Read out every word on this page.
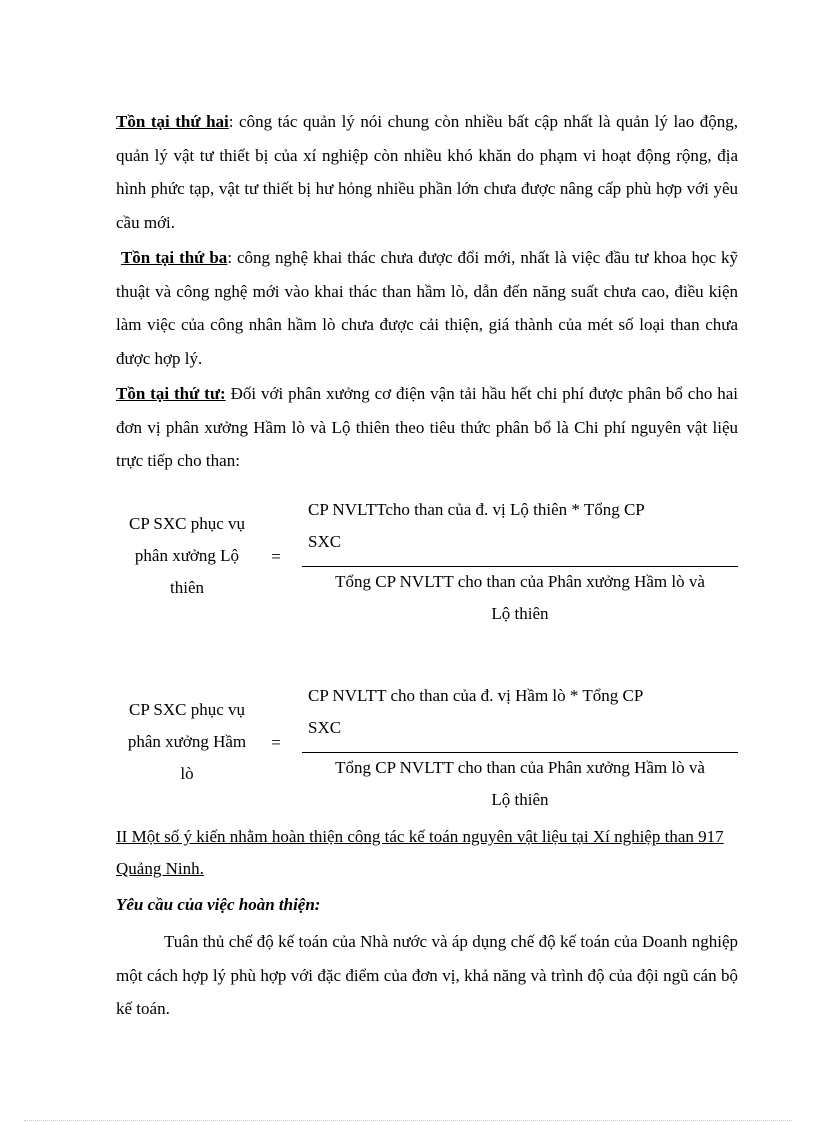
Tồn tại thứ hai: công tác quản lý nói chung còn nhiều bất cập nhất là quản lý lao động, quản lý vật tư thiết bị của xí nghiệp còn nhiều khó khăn do phạm vi hoạt động rộng, địa hình phức tạp, vật tư thiết bị hư hỏng nhiều phần lớn chưa được nâng cấp phù hợp với yêu cầu mới.

Tồn tại thứ ba: công nghệ khai thác chưa được đổi mới, nhất là việc đầu tư khoa học kỹ thuật và công nghệ mới vào khai thác than hầm lò, dẫn đến năng suất chưa cao, điều kiện làm việc của công nhân hầm lò chưa được cải thiện, giá thành của mét số loại than chưa được hợp lý.

Tồn tại thứ tư: Đối với phân xưởng cơ điện vận tải hầu hết chi phí được phân bổ cho hai đơn vị phân xưởng Hầm lò và Lộ thiên theo tiêu thức phân bổ là Chi phí nguyên vật liệu trực tiếp cho than:

CP SXC phục vụ
phân xưởng Lộ
thiên
=
CP NVLTTcho than của đ. vị Lộ thiên * Tổng CP
SXC
Tổng CP NVLTT cho than của Phân xưởng Hầm lò và
Lộ thiên
CP SXC phục vụ
phân xưởng Hầm
lò
=
CP NVLTT cho than của đ. vị Hầm lò * Tổng CP
SXC
Tổng CP NVLTT cho than của Phân xưởng Hầm lò và
Lộ thiên

II Một số ý kiến nhằm hoàn thiện công tác kế toán nguyên vật liệu tại Xí nghiệp than 917 Quảng Ninh.

Yêu cầu của việc hoàn thiện:

Tuân thủ chế độ kế toán của Nhà nước và áp dụng chế độ kế toán của Doanh nghiệp một cách hợp lý phù hợp với đặc điểm của đơn vị, khả năng và trình độ của đội ngũ cán bộ kế toán.
